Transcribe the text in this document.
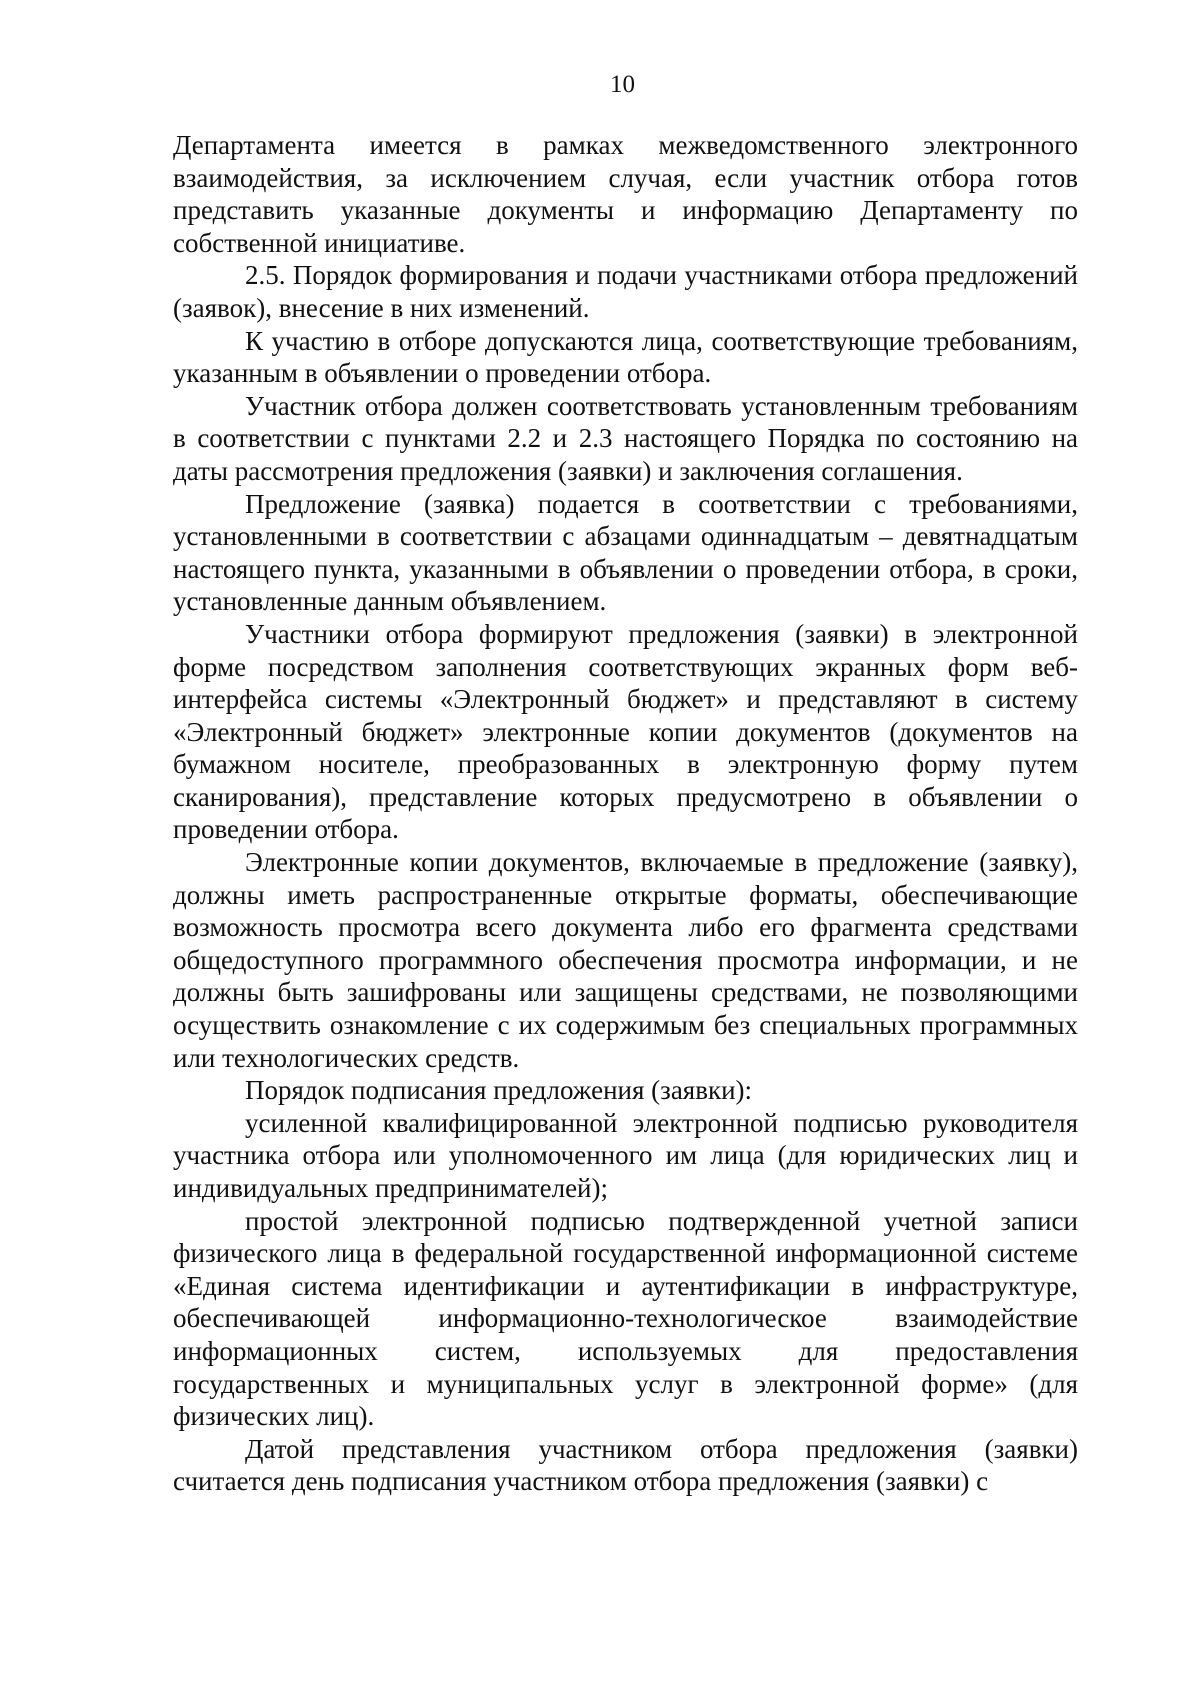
10

Департамента имеется в рамках межведомственного электронного взаимодействия, за исключением случая, если участник отбора готов представить указанные документы и информацию Департаменту по собственной инициативе.

2.5. Порядок формирования и подачи участниками отбора предложений (заявок), внесение в них изменений.

К участию в отборе допускаются лица, соответствующие требованиям, указанным в объявлении о проведении отбора.

Участник отбора должен соответствовать установленным требованиям в соответствии с пунктами 2.2 и 2.3 настоящего Порядка по состоянию на даты рассмотрения предложения (заявки) и заключения соглашения.

Предложение (заявка) подается в соответствии с требованиями, установленными в соответствии с абзацами одиннадцатым – девятнадцатым настоящего пункта, указанными в объявлении о проведении отбора, в сроки, установленные данным объявлением.

Участники отбора формируют предложения (заявки) в электронной форме посредством заполнения соответствующих экранных форм веб-интерфейса системы «Электронный бюджет» и представляют в систему «Электронный бюджет» электронные копии документов (документов на бумажном носителе, преобразованных в электронную форму путем сканирования), представление которых предусмотрено в объявлении о проведении отбора.

Электронные копии документов, включаемые в предложение (заявку), должны иметь распространенные открытые форматы, обеспечивающие возможность просмотра всего документа либо его фрагмента средствами общедоступного программного обеспечения просмотра информации, и не должны быть зашифрованы или защищены средствами, не позволяющими осуществить ознакомление с их содержимым без специальных программных или технологических средств.

Порядок подписания предложения (заявки):

усиленной квалифицированной электронной подписью руководителя участника отбора или уполномоченного им лица (для юридических лиц и индивидуальных предпринимателей);

простой электронной подписью подтвержденной учетной записи физического лица в федеральной государственной информационной системе «Единая система идентификации и аутентификации в инфраструктуре, обеспечивающей информационно-технологическое взаимодействие информационных систем, используемых для предоставления государственных и муниципальных услуг в электронной форме» (для физических лиц).

Датой представления участником отбора предложения (заявки) считается день подписания участником отбора предложения (заявки) с
